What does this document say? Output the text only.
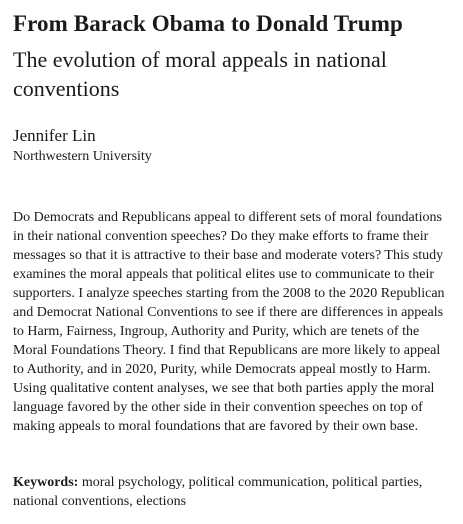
From Barack Obama to Donald Trump
The evolution of moral appeals in national conventions

Jennifer Lin

Northwestern University

Do Democrats and Republicans appeal to different sets of moral foundations in their national convention speeches? Do they make efforts to frame their messages so that it is attractive to their base and moderate voters? This study examines the moral appeals that political elites use to communicate to their supporters. I analyze speeches starting from the 2008 to the 2020 Republican and Democrat National Conventions to see if there are differences in appeals to Harm, Fairness, Ingroup, Authority and Purity, which are tenets of the Moral Foundations Theory. I find that Republicans are more likely to appeal to Authority, and in 2020, Purity, while Democrats appeal mostly to Harm. Using qualitative content analyses, we see that both parties apply the moral language favored by the other side in their convention speeches on top of making appeals to moral foundations that are favored by their own base.

Keywords: moral psychology, political communication, political parties, national conventions, elections
